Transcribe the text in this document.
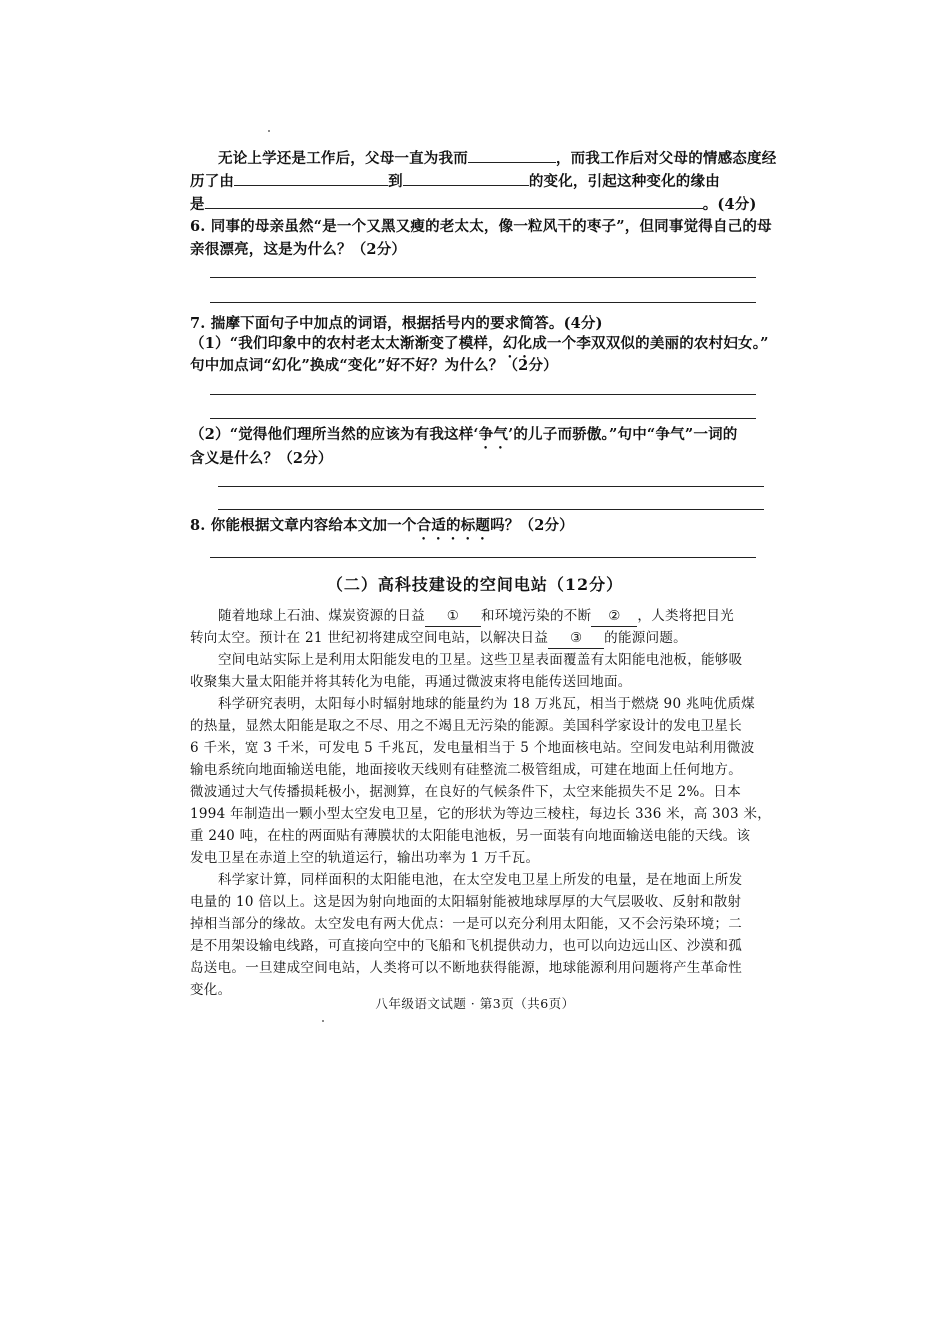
无论上学还是工作后，父母一直为我而	，而我工作后对父母的情感态度经
历了由	到	的变化，引起这种变化的缘由
是	。(4分)
6. 同事的母亲虽然“是一个又黑又瘦的老太太，像一粒风干的枣子”，但同事觉得自己的母
亲很漂亮，这是为什么？（2分）
7. 揣摩下面句子中加点的词语，根据括号内的要求简答。(4分)
（1）“我们印象中的农村老太太渐渐变了模样，幻化成一个李双双似的美丽的农村妇女。”
句中加点词“幻化”换成“变化”好不好？为什么？（2分）
（2）“觉得他们理所当然的应该为有我这样‘争气’的儿子而骄傲。”句中“争气”一词的
含义是什么？（2分）
8. 你能根据文章内容给本文加一个合适的标题吗？（2分）
（二）高科技建设的空间电站（12分）
随着地球上石油、煤炭资源的日益 ① 和环境污染的不断 ② ，人类将把目光
转向太空。预计在 21 世纪初将建成空间电站，以解决日益 ③ 的能源问题。
空间电站实际上是利用太阳能发电的卫星。这些卫星表面覆盖有太阳能电池板，能够吸
收聚集大量太阳能并将其转化为电能，再通过微波束将电能传送回地面。
科学研究表明，太阳每小时辐射地球的能量约为 18 万兆瓦，相当于燃烧 90 兆吨优质煤
的热量，显然太阳能是取之不尽、用之不竭且无污染的能源。美国科学家设计的发电卫星长
6 千米，宽 3 千米，可发电 5 千兆瓦，发电量相当于 5 个地面核电站。空间发电站利用微波
输电系统向地面输送电能，地面接收天线则有硅整流二极管组成，可建在地面上任何地方。
微波通过大气传播损耗极小，据测算，在良好的气候条件下，太空来能损失不足 2%。日本
1994 年制造出一颗小型太空发电卫星，它的形状为等边三棱柱，每边长 336 米，高 303 米，
重 240 吨，在柱的两面贴有薄膜状的太阳能电池板，另一面装有向地面输送电能的天线。该
发电卫星在赤道上空的轨道运行，输出功率为 1 万千瓦。
科学家计算，同样面积的太阳能电池，在太空发电卫星上所发的电量，是在地面上所发
电量的 10 倍以上。这是因为射向地面的太阳辐射能被地球厚厚的大气层吸收、反射和散射
掉相当部分的缘故。太空发电有两大优点：一是可以充分利用太阳能，又不会污染环境；二
是不用架设输电线路，可直接向空中的飞船和飞机提供动力，也可以向边远山区、沙漠和孤
岛送电。一旦建成空间电站，人类将可以不断地获得能源，地球能源利用问题将产生革命性
变化。
八年级语文试题 · 第3页（共6页）
